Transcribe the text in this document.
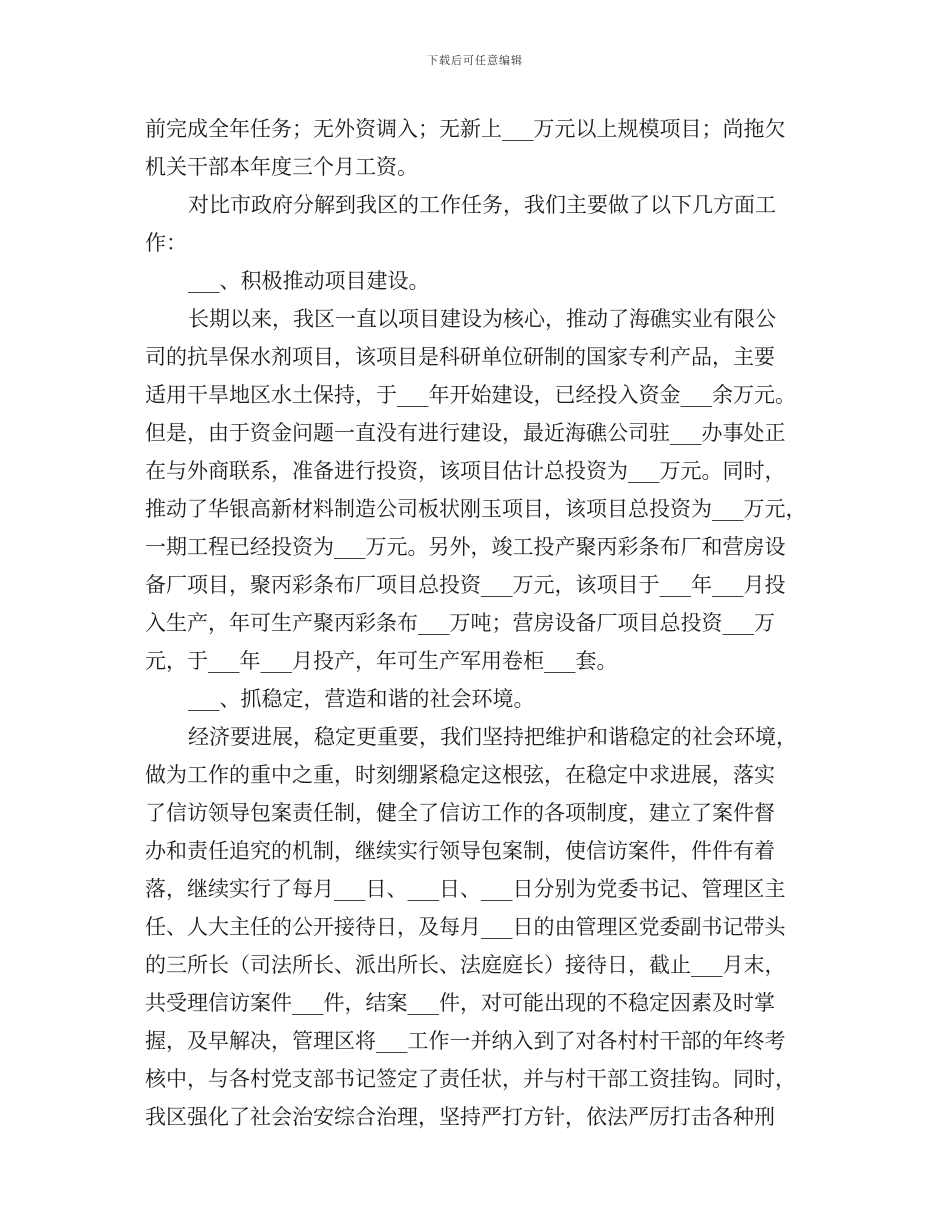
下载后可任意编辑
前完成全年任务；无外资调入；无新上___万元以上规模项目；尚拖欠
机关干部本年度三个月工资。
对比市政府分解到我区的工作任务，我们主要做了以下几方面工
作：
___、积极推动项目建设。
长期以来，我区一直以项目建设为核心，推动了海礁实业有限公
司的抗旱保水剂项目，该项目是科研单位研制的国家专利产品，主要
适用干旱地区水土保持，于___年开始建设，已经投入资金___余万元。
但是，由于资金问题一直没有进行建设，最近海礁公司驻___办事处正
在与外商联系，准备进行投资，该项目估计总投资为___万元。同时，
推动了华银高新材料制造公司板状刚玉项目，该项目总投资为___万元，
一期工程已经投资为___万元。另外，竣工投产聚丙彩条布厂和营房设
备厂项目，聚丙彩条布厂项目总投资___万元，该项目于___年___月投
入生产，年可生产聚丙彩条布___万吨；营房设备厂项目总投资___万
元，于___年___月投产，年可生产军用卷柜___套。
___、抓稳定，营造和谐的社会环境。
经济要进展，稳定更重要，我们坚持把维护和谐稳定的社会环境，
做为工作的重中之重，时刻绷紧稳定这根弦，在稳定中求进展，落实
了信访领导包案责任制，健全了信访工作的各项制度，建立了案件督
办和责任追究的机制，继续实行领导包案制，使信访案件，件件有着
落，继续实行了每月___日、___日、___日分别为党委书记、管理区主
任、人大主任的公开接待日，及每月___日的由管理区党委副书记带头
的三所长（司法所长、派出所长、法庭庭长）接待日，截止___月末，
共受理信访案件___件，结案___件，对可能出现的不稳定因素及时掌
握，及早解决，管理区将___工作一并纳入到了对各村村干部的年终考
核中，与各村党支部书记签定了责任状，并与村干部工资挂钩。同时，
我区强化了社会治安综合治理，坚持严打方针，依法严厉打击各种刑
